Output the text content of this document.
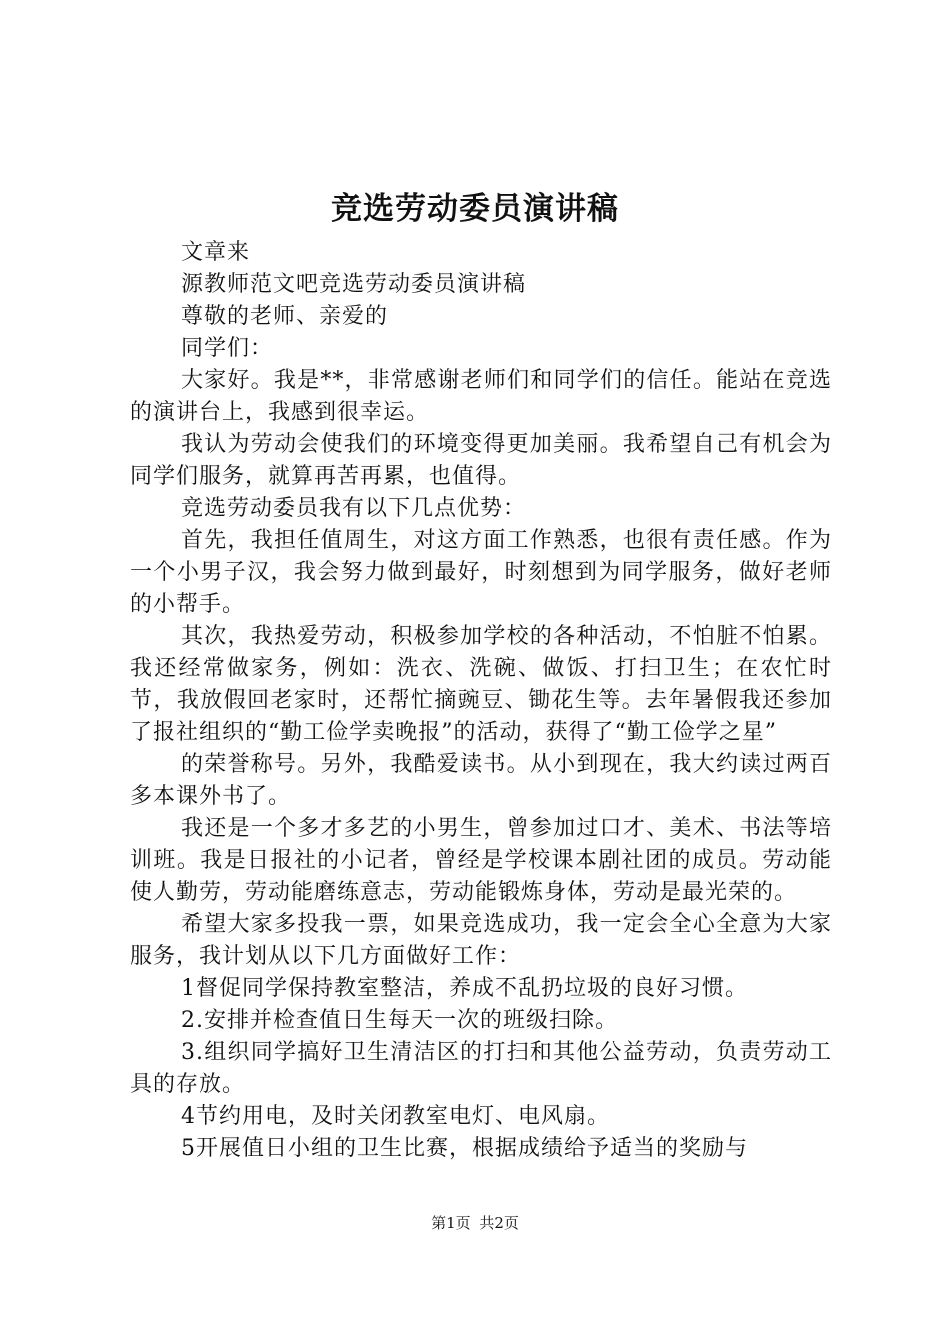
竞选劳动委员演讲稿

文章来

源教师范文吧竞选劳动委员演讲稿

尊敬的老师、亲爱的

同学们：

大家好。我是**，非常感谢老师们和同学们的信任。能站在竞选的演讲台上，我感到很幸运。

我认为劳动会使我们的环境变得更加美丽。我希望自己有机会为同学们服务，就算再苦再累，也值得。

竞选劳动委员我有以下几点优势：

首先，我担任值周生，对这方面工作熟悉，也很有责任感。作为一个小男子汉，我会努力做到最好，时刻想到为同学服务，做好老师的小帮手。

其次，我热爱劳动，积极参加学校的各种活动，不怕脏不怕累。我还经常做家务，例如：洗衣、洗碗、做饭、打扫卫生；在农忙时节，我放假回老家时，还帮忙摘豌豆、锄花生等。去年暑假我还参加了报社组织的“勤工俭学卖晚报”的活动，获得了“勤工俭学之星”

的荣誉称号。另外，我酷爱读书。从小到现在，我大约读过两百多本课外书了。

我还是一个多才多艺的小男生，曾参加过口才、美术、书法等培训班。我是日报社的小记者，曾经是学校课本剧社团的成员。劳动能使人勤劳，劳动能磨练意志，劳动能锻炼身体，劳动是最光荣的。

希望大家多投我一票，如果竞选成功，我一定会全心全意为大家服务，我计划从以下几方面做好工作：

1督促同学保持教室整洁，养成不乱扔垃圾的良好习惯。

2.安排并检查值日生每天一次的班级扫除。

3.组织同学搞好卫生清洁区的打扫和其他公益劳动，负责劳动工具的存放。

4节约用电，及时关闭教室电灯、电风扇。

5开展值日小组的卫生比赛，根据成绩给予适当的奖励与

第1页 共2页
